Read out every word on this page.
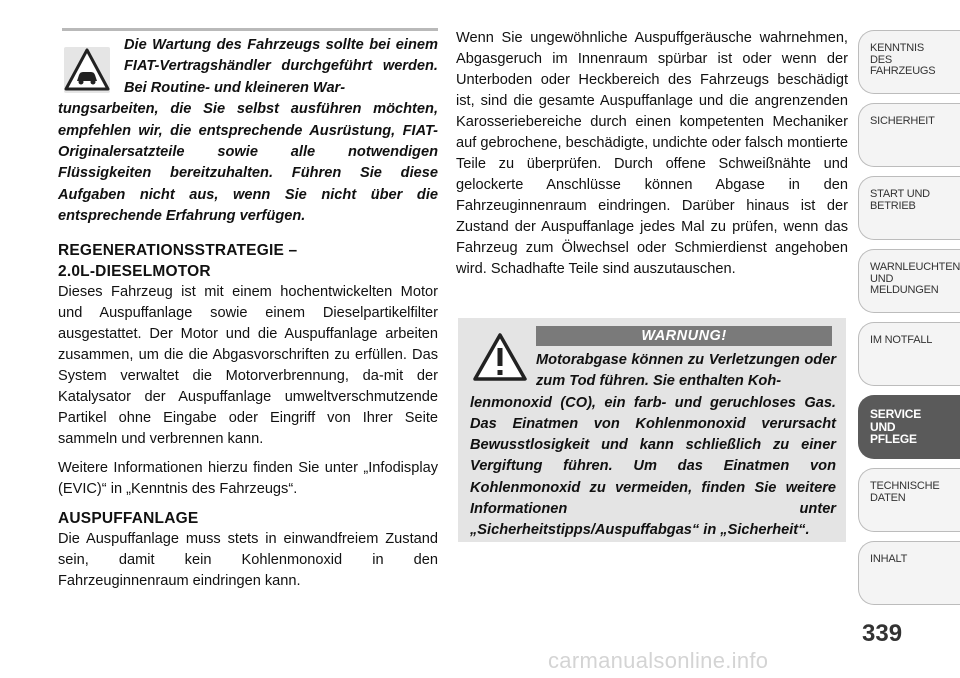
Die Wartung des Fahrzeugs sollte bei einem FIAT-Vertragshändler durchgeführt werden. Bei Routine- und kleineren War-
tungsarbeiten, die Sie selbst ausführen möchten, empfehlen wir, die entsprechende Ausrüstung, FIAT-Originalersatzteile sowie alle notwendigen Flüssigkeiten bereitzuhalten. Führen Sie diese Aufgaben nicht aus, wenn Sie nicht über die entsprechende Erfahrung verfügen.

REGENERATIONSSTRATEGIE –
2.0L-DIESELMOTOR

Dieses Fahrzeug ist mit einem hochentwickelten Motor und Auspuffanlage sowie einem Dieselpartikelfilter ausgestattet. Der Motor und die Auspuffanlage arbeiten zusammen, um die die Abgasvorschriften zu erfüllen. Das System verwaltet die Motorverbrennung, da-mit der Katalysator der Auspuffanlage umweltverschmutzende Partikel ohne Eingabe oder Eingriff von Ihrer Seite sammeln und verbrennen kann.

Weitere Informationen hierzu finden Sie unter „Infodisplay (EVIC)“ in „Kenntnis des Fahrzeugs“.

AUSPUFFANLAGE

Die Auspuffanlage muss stets in einwandfreiem Zustand sein, damit kein Kohlenmonoxid in den Fahrzeuginnenraum eindringen kann.

Wenn Sie ungewöhnliche Auspuffgeräusche wahrnehmen, Abgasgeruch im Innenraum spürbar ist oder wenn der Unterboden oder Heckbereich des Fahrzeugs beschädigt ist, sind die gesamte Auspuffanlage und die angrenzenden Karosseriebereiche durch einen kompetenten Mechaniker auf gebrochene, beschädigte, undichte oder falsch montierte Teile zu überprüfen. Durch offene Schweißnähte und gelockerte Anschlüsse können Abgase in den Fahrzeuginnenraum eindringen. Darüber hinaus ist der Zustand der Auspuffanlage jedes Mal zu prüfen, wenn das Fahrzeug zum Ölwechsel oder Schmierdienst angehoben wird. Schadhafte Teile sind auszutauschen.

WARNUNG!

Motorabgase können zu Verletzungen oder zum Tod führen. Sie enthalten Koh-
lenmonoxid (CO), ein farb- und geruchloses Gas. Das Einatmen von Kohlenmonoxid verursacht Bewusstlosigkeit und kann schließlich zu einer Vergiftung führen. Um das Einatmen von Kohlenmonoxid zu vermeiden, finden Sie weitere Informationen unter „Sicherheitstipps/Auspuffabgas“ in „Sicherheit“.

KENNTNIS
DES
FAHRZEUGS
SICHERHEIT
START UND
BETRIEB
WARNLEUCHTEN
UND
MELDUNGEN
IM NOTFALL
SERVICE
UND
PFLEGE
TECHNISCHE
DATEN
INHALT
339
carmanualsonline.info
